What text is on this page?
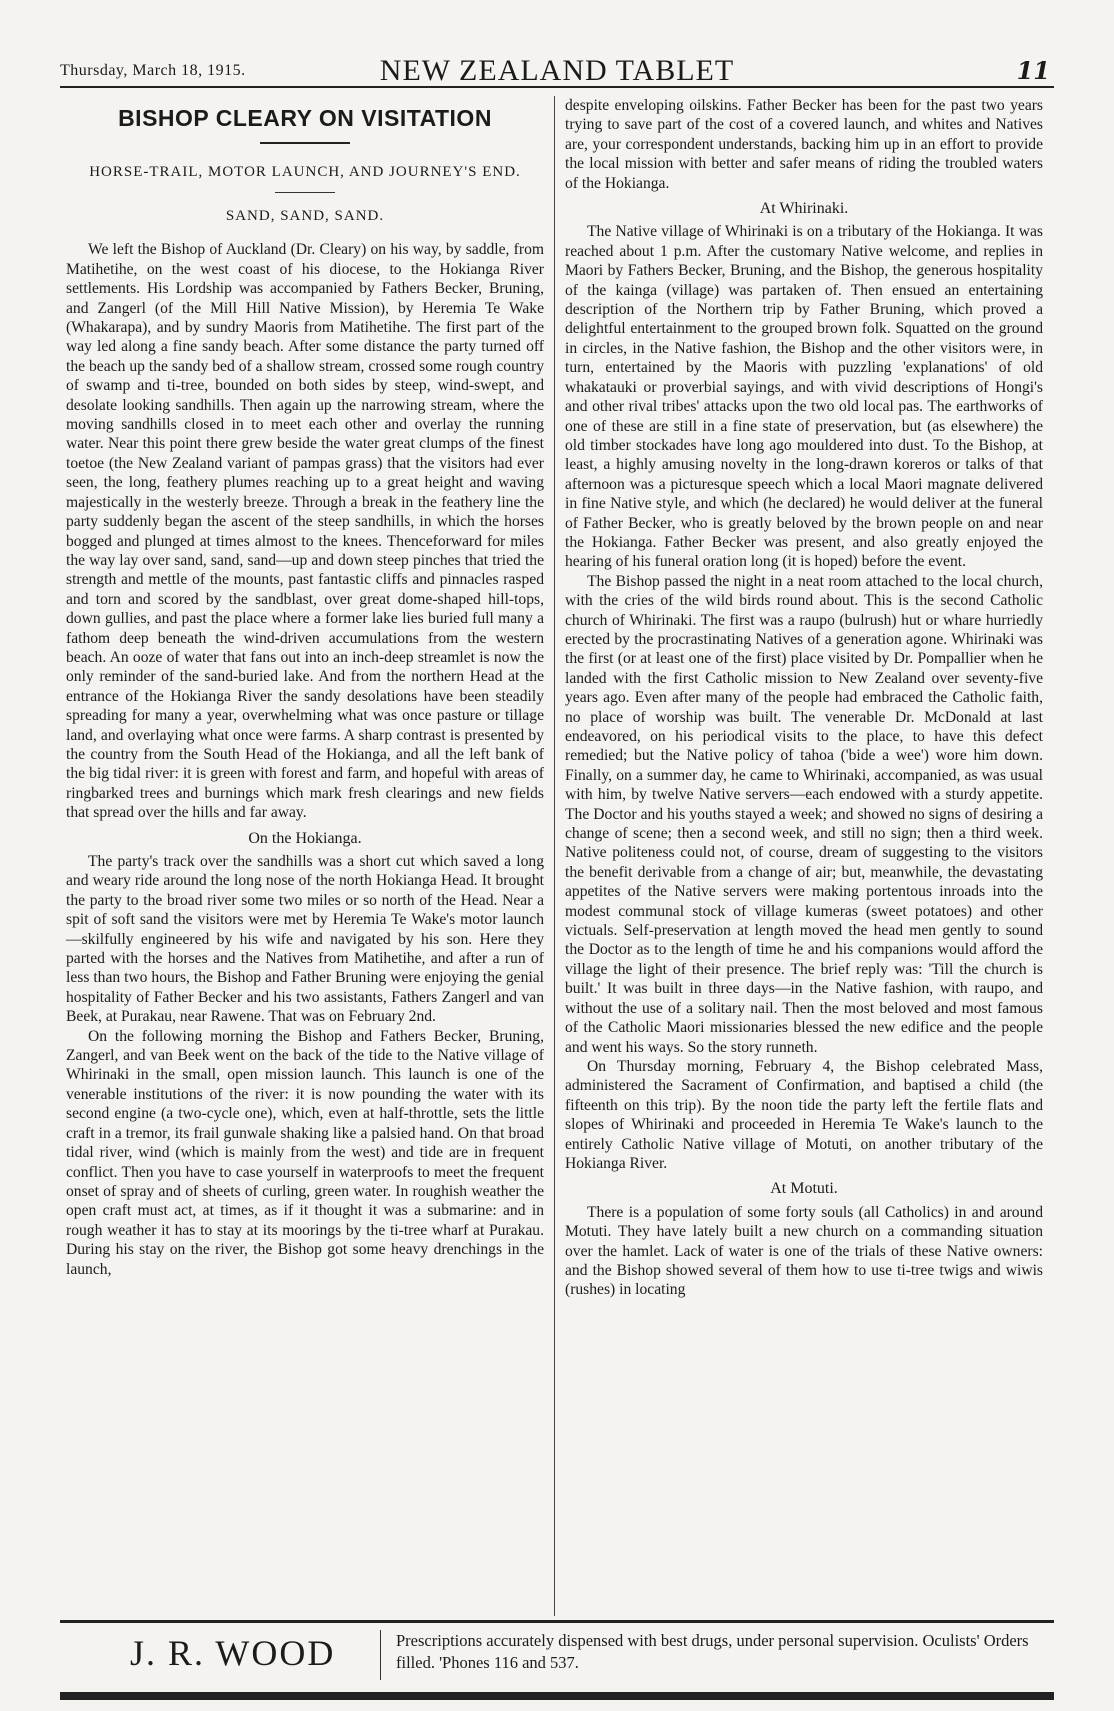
Thursday, March 18, 1915.	NEW ZEALAND TABLET	11
BISHOP CLEARY ON VISITATION
HORSE-TRAIL, MOTOR LAUNCH, AND JOURNEY'S END.
SAND, SAND, SAND.

We left the Bishop of Auckland (Dr. Cleary) on his way, by saddle, from Matihetihe, on the west coast of his diocese, to the Hokianga River settlements. His Lordship was accompanied by Fathers Becker, Bruning, and Zangerl (of the Mill Hill Native Mission), by Heremia Te Wake (Whakarapa), and by sundry Maoris from Matihetihe. The first part of the way led along a fine sandy beach. After some distance the party turned off the beach up the sandy bed of a shallow stream, crossed some rough country of swamp and ti-tree, bounded on both sides by steep, wind-swept, and desolate looking sandhills. Then again up the narrowing stream, where the moving sandhills closed in to meet each other and overlay the running water. Near this point there grew beside the water great clumps of the finest toetoe (the New Zealand variant of pampas grass) that the visitors had ever seen, the long, feathery plumes reaching up to a great height and waving majestically in the westerly breeze. Through a break in the feathery line the party suddenly began the ascent of the steep sandhills, in which the horses bogged and plunged at times almost to the knees. Thenceforward for miles the way lay over sand, sand, sand—up and down steep pinches that tried the strength and mettle of the mounts, past fantastic cliffs and pinnacles rasped and torn and scored by the sandblast, over great dome-shaped hill-tops, down gullies, and past the place where a former lake lies buried full many a fathom deep beneath the wind-driven accumulations from the western beach. An ooze of water that fans out into an inch-deep streamlet is now the only reminder of the sand-buried lake. And from the northern Head at the entrance of the Hokianga River the sandy desolations have been steadily spreading for many a year, overwhelming what was once pasture or tillage land, and overlaying what once were farms. A sharp contrast is presented by the country from the South Head of the Hokianga, and all the left bank of the big tidal river: it is green with forest and farm, and hopeful with areas of ringbarked trees and burnings which mark fresh clearings and new fields that spread over the hills and far away.

On the Hokianga.

The party's track over the sandhills was a short cut which saved a long and weary ride around the long nose of the north Hokianga Head. It brought the party to the broad river some two miles or so north of the Head. Near a spit of soft sand the visitors were met by Heremia Te Wake's motor launch—skilfully engineered by his wife and navigated by his son. Here they parted with the horses and the Natives from Matihetihe, and after a run of less than two hours, the Bishop and Father Bruning were enjoying the genial hospitality of Father Becker and his two assistants, Fathers Zangerl and van Beek, at Purakau, near Rawene. That was on February 2nd.

On the following morning the Bishop and Fathers Becker, Bruning, Zangerl, and van Beek went on the back of the tide to the Native village of Whirinaki in the small, open mission launch. This launch is one of the venerable institutions of the river: it is now pounding the water with its second engine (a two-cycle one), which, even at half-throttle, sets the little craft in a tremor, its frail gunwale shaking like a palsied hand. On that broad tidal river, wind (which is mainly from the west) and tide are in frequent conflict. Then you have to case yourself in waterproofs to meet the frequent onset of spray and of sheets of curling, green water. In roughish weather the open craft must act, at times, as if it thought it was a submarine: and in rough weather it has to stay at its moorings by the ti-tree wharf at Purakau. During his stay on the river, the Bishop got some heavy drenchings in the launch,

despite enveloping oilskins. Father Becker has been for the past two years trying to save part of the cost of a covered launch, and whites and Natives are, your correspondent understands, backing him up in an effort to provide the local mission with better and safer means of riding the troubled waters of the Hokianga.

At Whirinaki.

The Native village of Whirinaki is on a tributary of the Hokianga. It was reached about 1 p.m. After the customary Native welcome, and replies in Maori by Fathers Becker, Bruning, and the Bishop, the generous hospitality of the kainga (village) was partaken of. Then ensued an entertaining description of the Northern trip by Father Bruning, which proved a delightful entertainment to the grouped brown folk. Squatted on the ground in circles, in the Native fashion, the Bishop and the other visitors were, in turn, entertained by the Maoris with puzzling 'explanations' of old whakatauki or proverbial sayings, and with vivid descriptions of Hongi's and other rival tribes' attacks upon the two old local pas. The earthworks of one of these are still in a fine state of preservation, but (as elsewhere) the old timber stockades have long ago mouldered into dust. To the Bishop, at least, a highly amusing novelty in the long-drawn koreros or talks of that afternoon was a picturesque speech which a local Maori magnate delivered in fine Native style, and which (he declared) he would deliver at the funeral of Father Becker, who is greatly beloved by the brown people on and near the Hokianga. Father Becker was present, and also greatly enjoyed the hearing of his funeral oration long (it is hoped) before the event.

The Bishop passed the night in a neat room attached to the local church, with the cries of the wild birds round about. This is the second Catholic church of Whirinaki. The first was a raupo (bulrush) hut or whare hurriedly erected by the procrastinating Natives of a generation agone. Whirinaki was the first (or at least one of the first) place visited by Dr. Pompallier when he landed with the first Catholic mission to New Zealand over seventy-five years ago. Even after many of the people had embraced the Catholic faith, no place of worship was built. The venerable Dr. McDonald at last endeavored, on his periodical visits to the place, to have this defect remedied; but the Native policy of tahoa ('bide a wee') wore him down. Finally, on a summer day, he came to Whirinaki, accompanied, as was usual with him, by twelve Native servers—each endowed with a sturdy appetite. The Doctor and his youths stayed a week; and showed no signs of desiring a change of scene; then a second week, and still no sign; then a third week. Native politeness could not, of course, dream of suggesting to the visitors the benefit derivable from a change of air; but, meanwhile, the devastating appetites of the Native servers were making portentous inroads into the modest communal stock of village kumeras (sweet potatoes) and other victuals. Self-preservation at length moved the head men gently to sound the Doctor as to the length of time he and his companions would afford the village the light of their presence. The brief reply was: 'Till the church is built.' It was built in three days—in the Native fashion, with raupo, and without the use of a solitary nail. Then the most beloved and most famous of the Catholic Maori missionaries blessed the new edifice and the people and went his ways. So the story runneth.

On Thursday morning, February 4, the Bishop celebrated Mass, administered the Sacrament of Confirmation, and baptised a child (the fifteenth on this trip). By the noon tide the party left the fertile flats and slopes of Whirinaki and proceeded in Heremia Te Wake's launch to the entirely Catholic Native village of Motuti, on another tributary of the Hokianga River.

At Motuti.

There is a population of some forty souls (all Catholics) in and around Motuti. They have lately built a new church on a commanding situation over the hamlet. Lack of water is one of the trials of these Native owners: and the Bishop showed several of them how to use ti-tree twigs and wiwis (rushes) in locating

J. R. WOOD	Prescriptions accurately dispensed with best drugs, under personal supervision. Oculists' Orders filled. 'Phones 116 and 537.
